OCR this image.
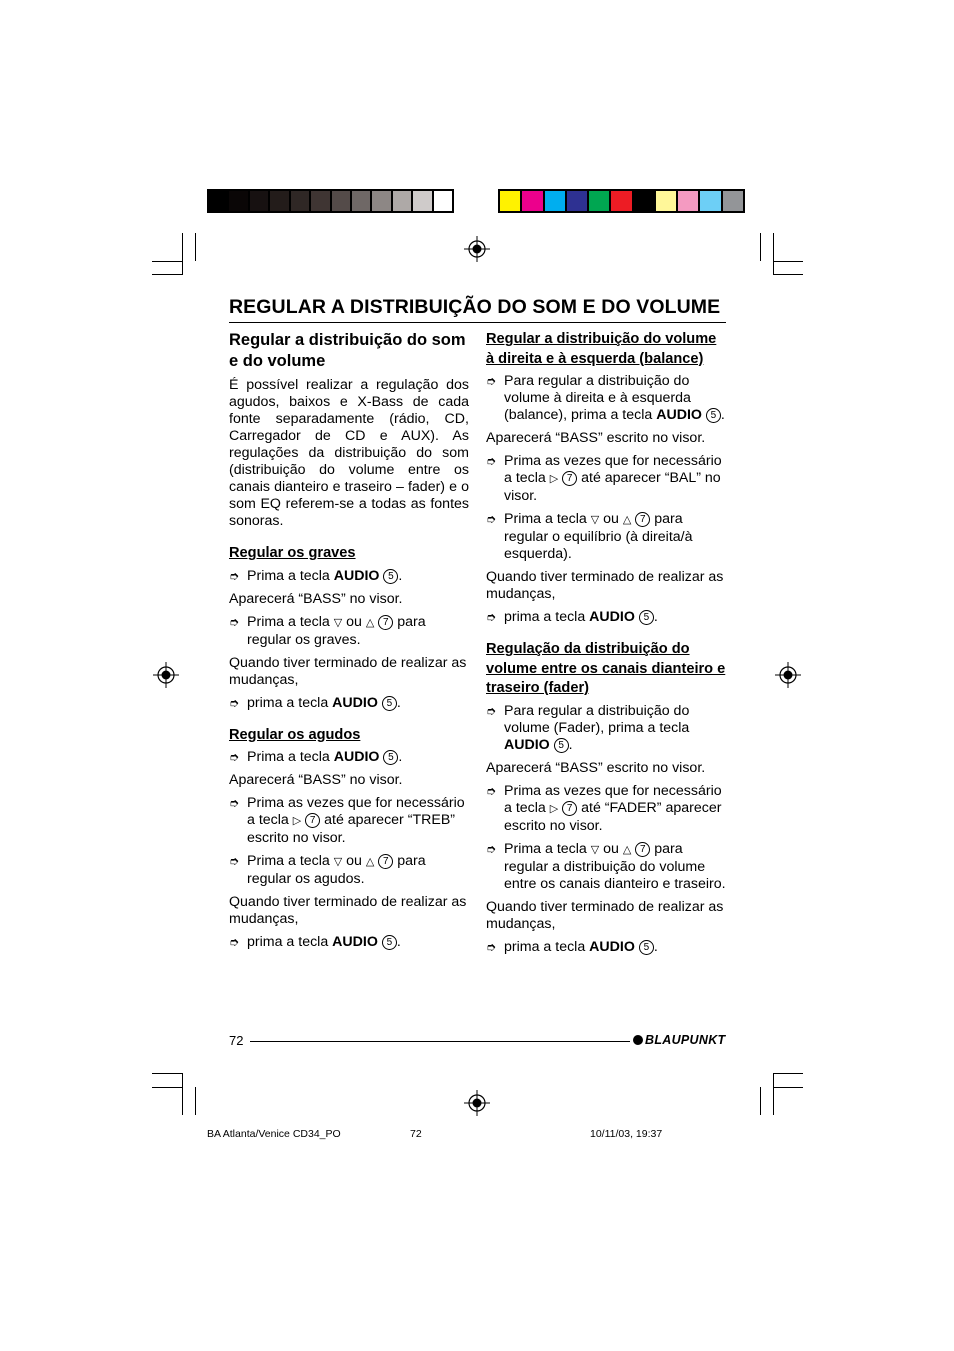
REGULAR A DISTRIBUIÇÃO DO SOM E DO VOLUME
Regular a distribuição do som e do volume

É possível realizar a regulação dos agudos, baixos e X-Bass de cada fonte separadamente (rádio, CD, Carregador de CD e AUX). As regulações da distribuição do som (distribuição do volume entre os canais dianteiro e traseiro – fader) e o som EQ referem-se a todas as fontes sonoras.

Regular os graves
➮ Prima a tecla AUDIO 5 .

Aparecerá “BASS” no visor.

➮ Prima a tecla ▽ ou △ 7 para regular os graves.

Quando tiver terminado de realizar as mudanças,

➮ prima a tecla AUDIO 5 .
Regular os agudos
➮ Prima a tecla AUDIO 5 .

Aparecerá “BASS” no visor.

➮ Prima as vezes que for necessário a tecla ▷ 7 até aparecer “TREB” escrito no visor.
➮ Prima a tecla ▽ ou △ 7 para regular os agudos.

Quando tiver terminado de realizar as mudanças,

➮ prima a tecla AUDIO 5 .
Regular a distribuição do volume à direita e à esquerda (balance)
➮ Para regular a distribuição do volume à direita e à esquerda (balance), prima a tecla AUDIO 5 .

Aparecerá “BASS” escrito no visor.

➮ Prima as vezes que for necessário a tecla ▷ 7 até aparecer “BAL” no visor.
➮ Prima a tecla ▽ ou △ 7 para regular o equilíbrio (à direita/à esquerda).

Quando tiver terminado de realizar as mudanças,

➮ prima a tecla AUDIO 5 .
Regulação da distribuição do volume entre os canais dianteiro e traseiro (fader)
➮ Para regular a distribuição do volume (Fader), prima a tecla AUDIO 5 .

Aparecerá “BASS” escrito no visor.

➮ Prima as vezes que for necessário a tecla ▷ 7 até “FADER” aparecer escrito no visor.
➮ Prima a tecla ▽ ou △ 7 para regular a distribuição do volume entre os canais dianteiro e traseiro.

Quando tiver terminado de realizar as mudanças,

➮ prima a tecla AUDIO 5 .
72	BLAUPUNKT
BA Atlanta/Venice CD34_PO	72	10/11/03, 19:37
